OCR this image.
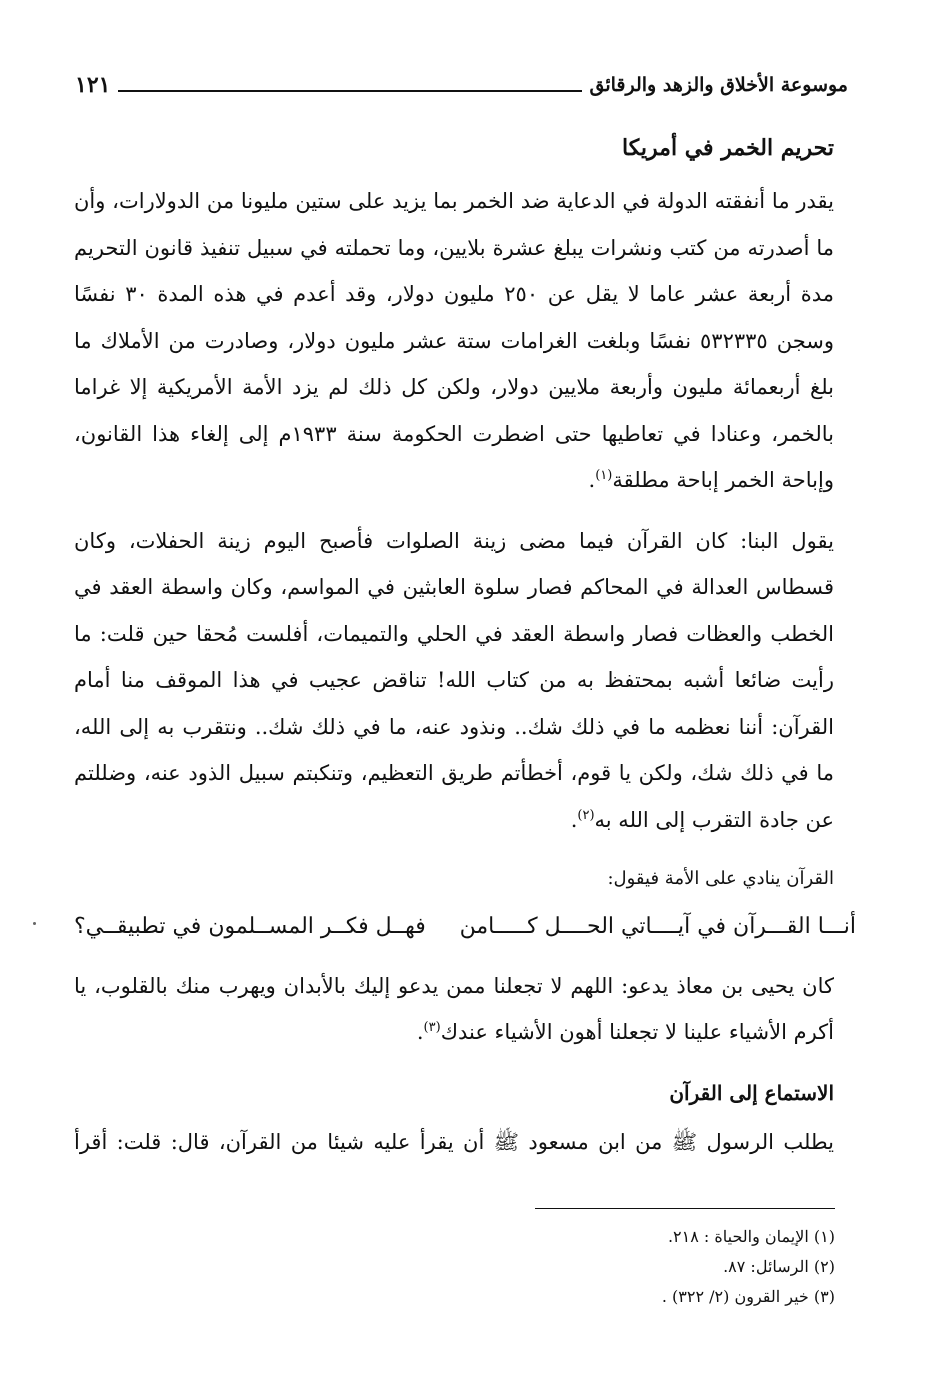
موسوعة الأخلاق والزهد والرقائق
١٢١
تحريم الخمر في أمريكا

يقدر ما أنفقته الدولة في الدعاية ضد الخمر بما يزيد على ستين مليونا من الدولارات، وأن ما أصدرته من كتب ونشرات يبلغ عشرة بلايين، وما تحملته في سبيل تنفيذ قانون التحريم مدة أربعة عشر عاما لا يقل عن ٢٥٠ مليون دولار، وقد أعدم في هذه المدة ٣٠ نفسًا وسجن ٥٣٢٣٣٥ نفسًا وبلغت الغرامات ستة عشر مليون دولار، وصادرت من الأملاك ما بلغ أربعمائة مليون وأربعة ملايين دولار، ولكن كل ذلك لم يزد الأمة الأمريكية إلا غراما بالخمر، وعنادا في تعاطيها حتى اضطرت الحكومة سنة ١٩٣٣م إلى إلغاء هذا القانون، وإباحة الخمر إباحة مطلقة$^{(١)}$.

يقول البنا: كان القرآن فيما مضى زينة الصلوات فأصبح اليوم زينة الحفلات، وكان قسطاس العدالة في المحاكم فصار سلوة العابثين في المواسم، وكان واسطة العقد في الخطب والعظات فصار واسطة العقد في الحلي والتميمات، أفلست مُحقا حين قلت: ما رأيت ضائعا أشبه بمحتفظ به من كتاب الله! تناقض عجيب في هذا الموقف منا أمام القرآن: أننا نعظمه ما في ذلك شك.. ونذود عنه، ما في ذلك شك.. ونتقرب به إلى الله، ما في ذلك شك، ولكن يا قوم، أخطأتم طريق التعظيم، وتنكبتم سبيل الذود عنه، وضللتم عن جادة التقرب إلى الله به$^{(٢)}$.

القرآن ينادي على الأمة فيقول:
أنـــا القـــرآن في آيــــاتي الحــــل كـــــامن
فهــل فكــر المســلمون في تطبيقــي؟

كان يحيى بن معاذ يدعو: اللهم لا تجعلنا ممن يدعو إليك بالأبدان ويهرب منك بالقلوب، يا أكرم الأشياء علينا لا تجعلنا أهون الأشياء عندك$^{(٣)}$.

الاستماع إلى القرآن

يطلب الرسول ﷺ من ابن مسعود ﷺ أن يقرأ عليه شيئا من القرآن، قال: قلت: أقرأ

(١) الإيمان والحياة : ٢١٨.

(٢) الرسائل: ٨٧.

(٣) خير القرون (٢/ ٣٢٢) .
